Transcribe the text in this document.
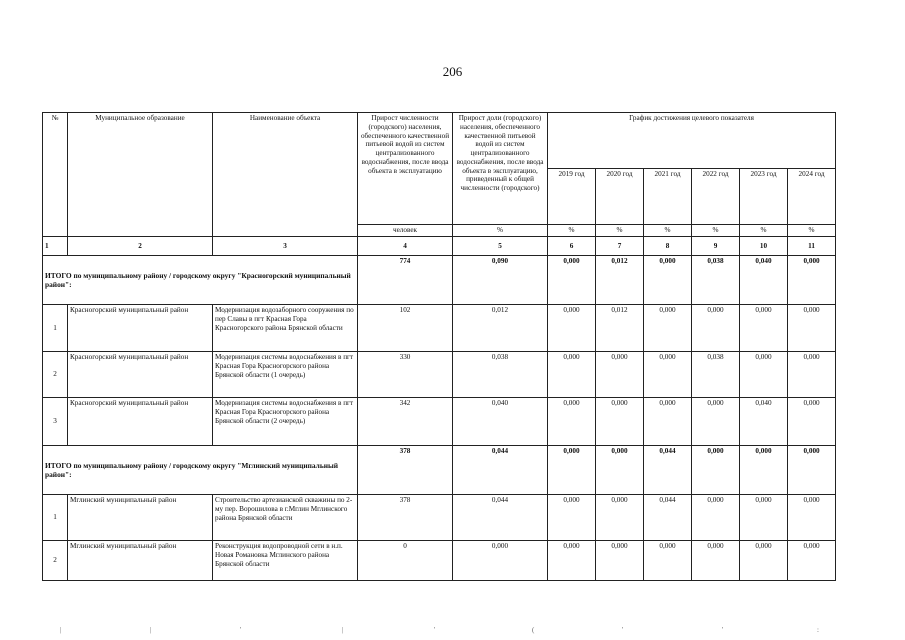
206
№	Муниципальное образование	Наименование объекта	Прирост численности (городского) населения, обеспеченного качественной питьевой водой из систем централизованного водоснабжения, после ввода объекта в эксплуатацию	Прирост доли (городского) населения, обеспеченного качественной питьевой водой из систем централизованного водоснабжения, после ввода объекта в эксплуатацию, приведенный к общей численности (городского)	График достижения целевого показателя					
					2019 год	2020 год	2021 год	2022 год	2023 год	2024 год
			человек	%	%	%	%	%	%	%
1	2	3	4	5	6	7	8	9	10	11
ИТОГО по муниципальному району / городскому округу "Красногорский муниципальный район":			774	0,090	0,000	0,012	0,000	0,038	0,040	0,000
1	Красногорский муниципальный район	Модернизация водозаборного сооружения по пер Славы в пгт Красная Гора Красногорского района Брянской области	102	0,012	0,000	0,012	0,000	0,000	0,000	0,000
2	Красногорский муниципальный район	Модернизация системы водоснабжения в пгт Красная Гора Красногорского района Брянской области (1 очередь)	330	0,038	0,000	0,000	0,000	0,038	0,000	0,000
3	Красногорский муниципальный район	Модернизация системы водоснабжения в пгт Красная Гора Красногорского района Брянской области (2 очередь)	342	0,040	0,000	0,000	0,000	0,000	0,040	0,000
ИТОГО по муниципальному району / городскому округу "Мглинский муниципальный район":			378	0,044	0,000	0,000	0,044	0,000	0,000	0,000
1	Мглинский муниципальный район	Строительство артезианской скважины по 2-му пер. Ворошилова в г.Мглин Мглинского района Брянской области	378	0,044	0,000	0,000	0,044	0,000	0,000	0,000
2	Мглинский муниципальный район	Реконструкция водопроводной сети в н.п. Новая Романовка Мглинского района Брянской области	0	0,000	0,000	0,000	0,000	0,000	0,000	0,000
|	|	'	|	'	(	'	'	:
